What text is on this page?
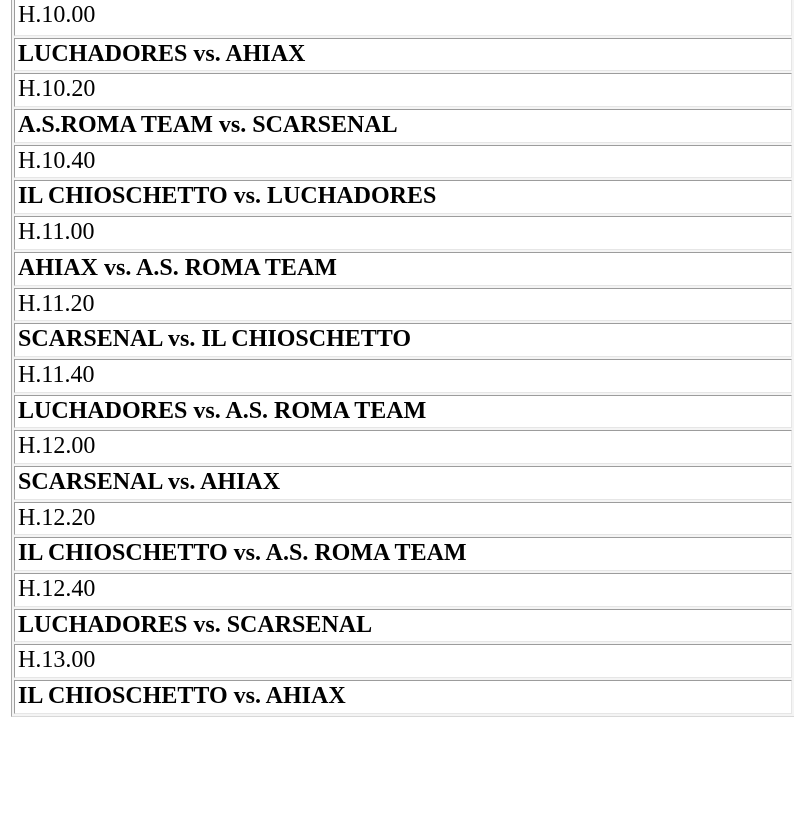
H.10.00
LUCHADORES vs. AHIAX
H.10.20
A.S.ROMA TEAM vs. SCARSENAL
H.10.40
IL CHIOSCHETTO vs. LUCHADORES
H.11.00
AHIAX vs. A.S. ROMA TEAM
H.11.20
SCARSENAL vs. IL CHIOSCHETTO
H.11.40
LUCHADORES vs. A.S. ROMA TEAM
H.12.00
SCARSENAL vs. AHIAX
H.12.20
IL CHIOSCHETTO vs. A.S. ROMA TEAM
H.12.40
LUCHADORES vs. SCARSENAL
H.13.00
IL CHIOSCHETTO vs. AHIAX
